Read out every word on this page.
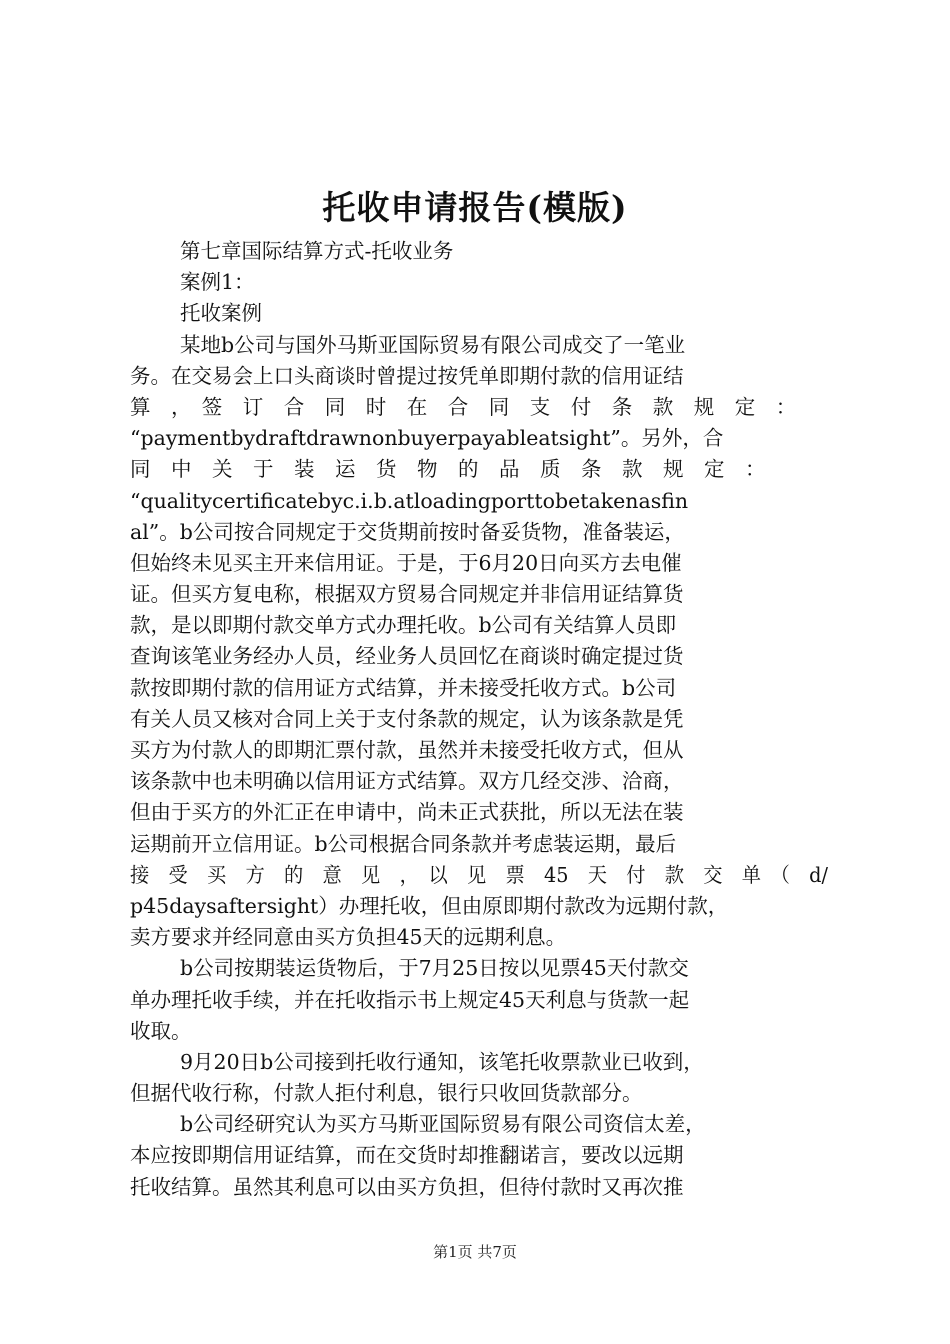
托收申请报告(模版)
第七章国际结算方式-托收业务
案例1：
托收案例
某地b公司与国外马斯亚国际贸易有限公司成交了一笔业
务。在交易会上口头商谈时曾提过按凭单即期付款的信用证结
算　，　签　订　合　同　时　在　合　同　支　付　条　款　规　定　：
“paymentbydraftdrawnonbuyerpayableatsight”。另外，合
同　中　关　于　装　运　货　物　的　品　质　条　款　规　定　：
“qualitycertificatebyc.i.b.atloadingporttobetakenasfin
al”。b公司按合同规定于交货期前按时备妥货物，准备装运，
但始终未见买主开来信用证。于是，于6月20日向买方去电催
证。但买方复电称，根据双方贸易合同规定并非信用证结算货
款，是以即期付款交单方式办理托收。b公司有关结算人员即
查询该笔业务经办人员，经业务人员回忆在商谈时确定提过货
款按即期付款的信用证方式结算，并未接受托收方式。b公司
有关人员又核对合同上关于支付条款的规定，认为该条款是凭
买方为付款人的即期汇票付款，虽然并未接受托收方式，但从
该条款中也未明确以信用证方式结算。双方几经交涉、洽商，
但由于买方的外汇正在申请中，尚未正式获批，所以无法在装
运期前开立信用证。b公司根据合同条款并考虑装运期，最后
接　受　买　方　的　意　见　，　以　见　票　45　天　付　款　交　单　（　d/
p45daysaftersight）办理托收，但由原即期付款改为远期付款，
卖方要求并经同意由买方负担45天的远期利息。
b公司按期装运货物后，于7月25日按以见票45天付款交
单办理托收手续，并在托收指示书上规定45天利息与货款一起
收取。
9月20日b公司接到托收行通知，该笔托收票款业已收到，
但据代收行称，付款人拒付利息，银行只收回货款部分。
b公司经研究认为买方马斯亚国际贸易有限公司资信太差，
本应按即期信用证结算，而在交货时却推翻诺言，要改以远期
托收结算。虽然其利息可以由买方负担，但待付款时又再次推
第1页 共7页
